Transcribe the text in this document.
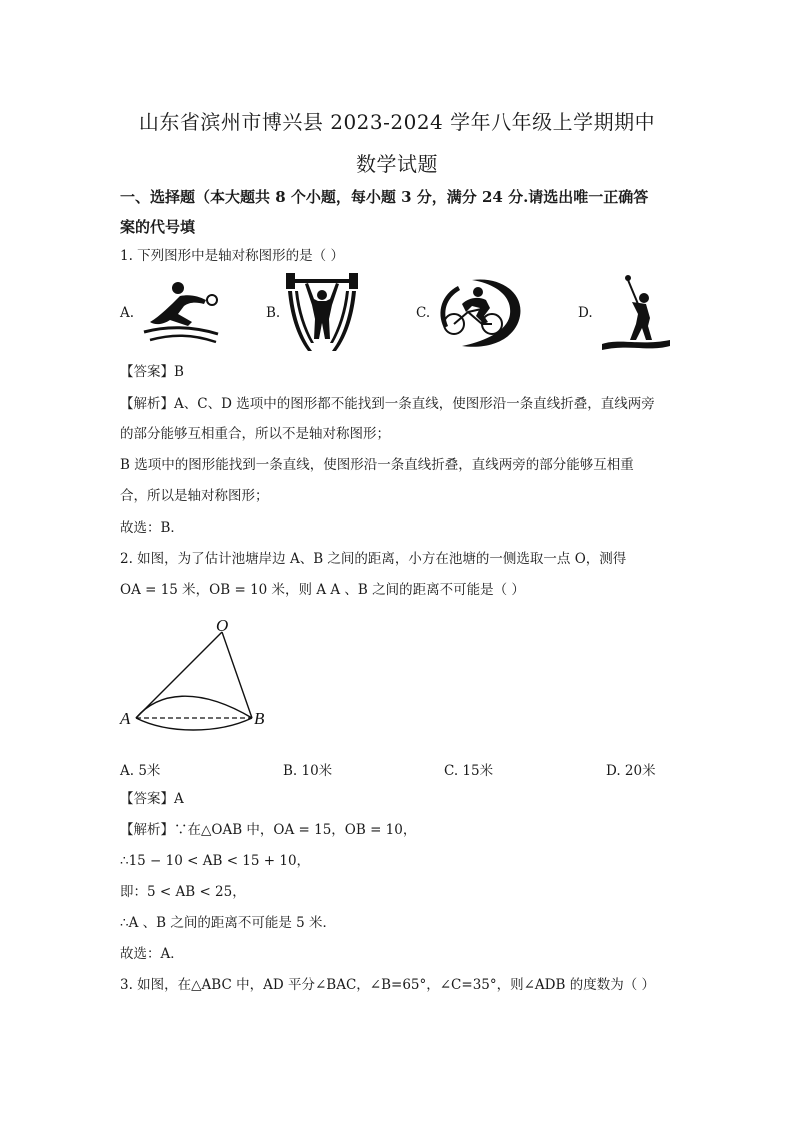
山东省滨州市博兴县 2023-2024 学年八年级上学期期中
数学试题
一、选择题（本大题共 8 个小题，每小题 3 分，满分 24 分.请选出唯一正确答
案的代号填
1. 下列图形中是轴对称图形的是（ ）
A.	B.	C.	D.
【答案】B
【解析】A、C、D 选项中的图形都不能找到一条直线，使图形沿一条直线折叠，直线两旁
的部分能够互相重合，所以不是轴对称图形；
B 选项中的图形能找到一条直线，使图形沿一条直线折叠，直线两旁的部分能够互相重
合，所以是轴对称图形；
故选：B．
2. 如图，为了估计池塘岸边 A、B 之间的距离，小方在池塘的一侧选取一点 O，测得
OA = 15 米，OB = 10 米，则 A A 、B 之间的距离不可能是（ ）
O
A	B
A. 5米	B. 10米	C. 15米	D. 20米
【答案】A
【解析】∵在△OAB 中，OA = 15，OB = 10，
∴15 − 10 < AB < 15 + 10，
即：5 < AB < 25，
∴A 、B 之间的距离不可能是 5 米．
故选：A．
3. 如图，在△ABC 中，AD 平分∠BAC，∠B=65°，∠C=35°，则∠ADB 的度数为（ ）
